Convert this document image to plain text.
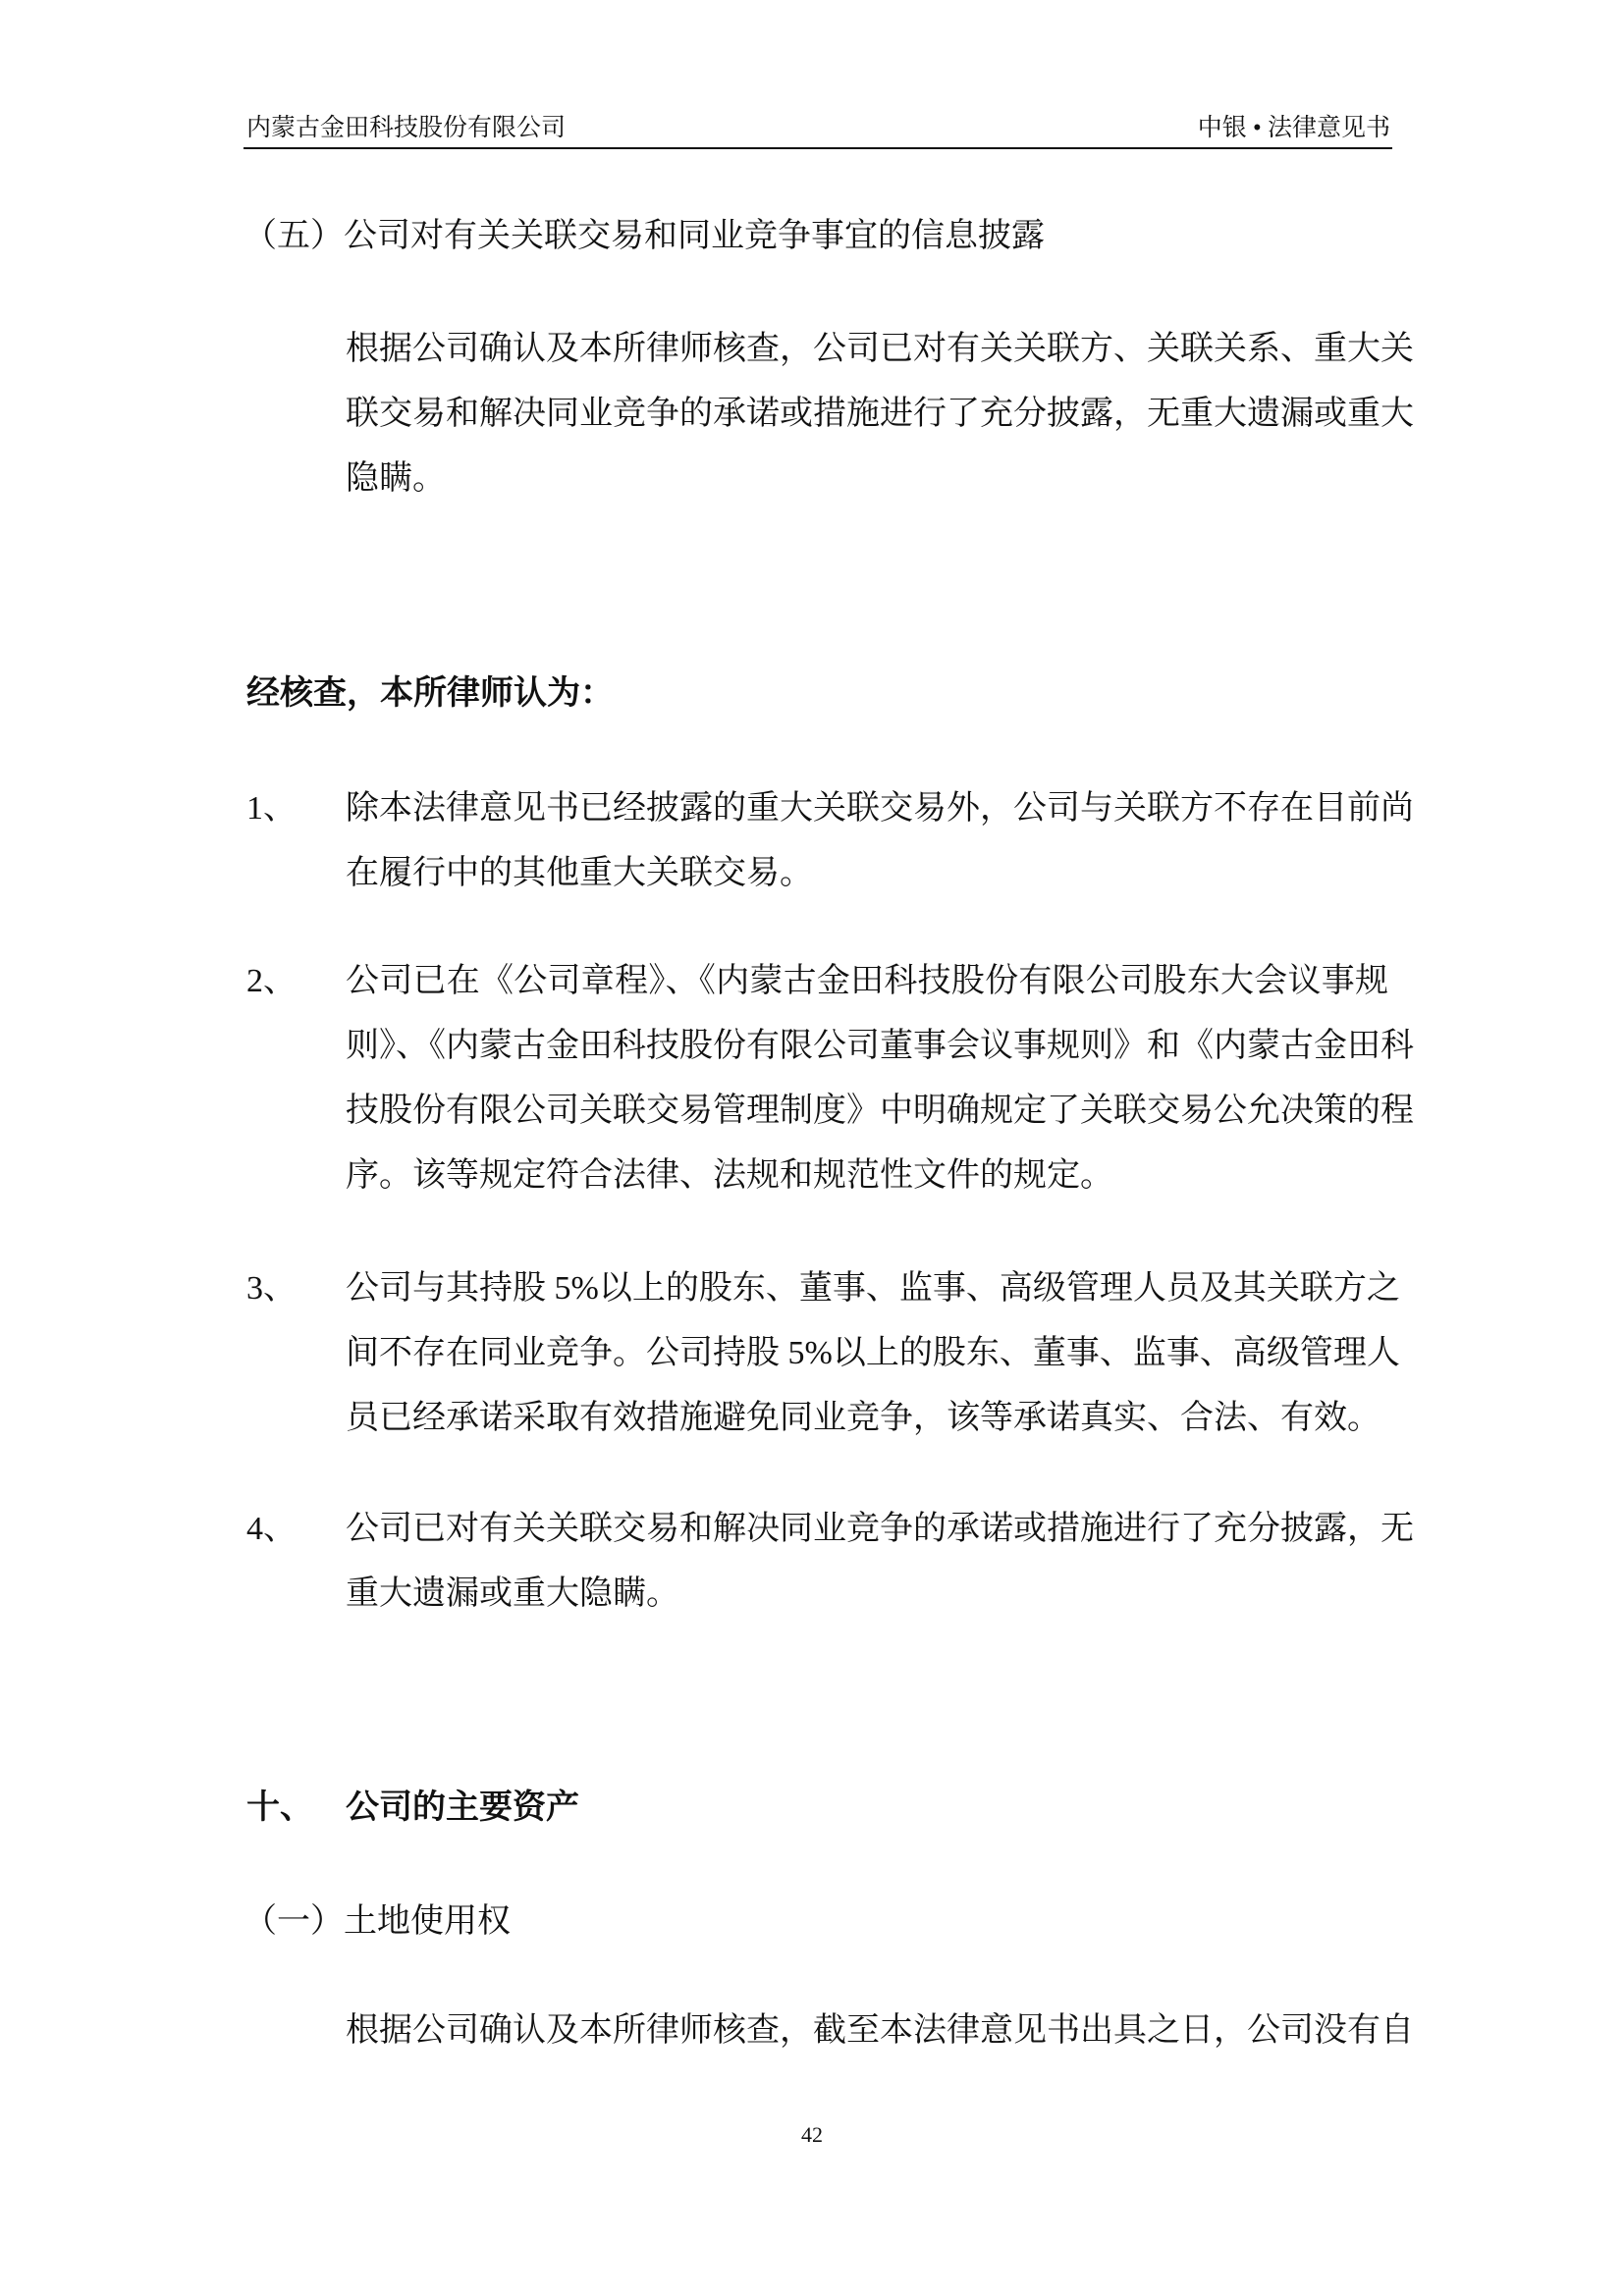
内蒙古金田科技股份有限公司	中银 • 法律意见书
（五）公司对有关关联交易和同业竞争事宜的信息披露
根据公司确认及本所律师核查，公司已对有关关联方、关联关系、重大关
联交易和解决同业竞争的承诺或措施进行了充分披露，无重大遗漏或重大
隐瞒。
经核查，本所律师认为：
1、 除本法律意见书已经披露的重大关联交易外，公司与关联方不存在目前尚
在履行中的其他重大关联交易。
2、 公司已在《公司章程》、《内蒙古金田科技股份有限公司股东大会议事规
则》、《内蒙古金田科技股份有限公司董事会议事规则》和《内蒙古金田科
技股份有限公司关联交易管理制度》中明确规定了关联交易公允决策的程
序。该等规定符合法律、法规和规范性文件的规定。
3、 公司与其持股 5%以上的股东、董事、监事、高级管理人员及其关联方之
间不存在同业竞争。公司持股 5%以上的股东、董事、监事、高级管理人
员已经承诺采取有效措施避免同业竞争，该等承诺真实、合法、有效。
4、 公司已对有关关联交易和解决同业竞争的承诺或措施进行了充分披露，无
重大遗漏或重大隐瞒。
十、 公司的主要资产
（一）土地使用权
根据公司确认及本所律师核查，截至本法律意见书出具之日，公司没有自
42
